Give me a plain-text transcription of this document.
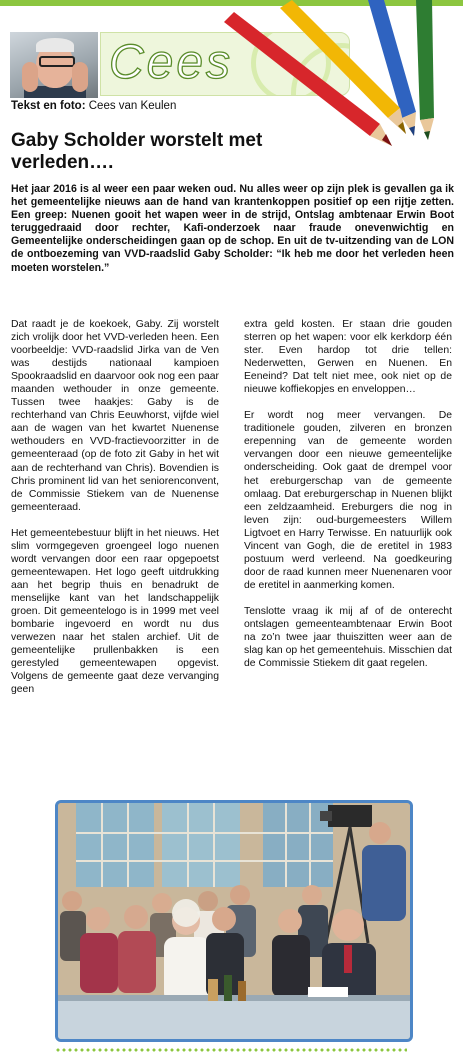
Cees
Tekst en foto: Cees van Keulen
Gaby Scholder worstelt met verleden….
Het jaar 2016 is al weer een paar weken oud. Nu alles weer op zijn plek is gevallen ga ik het gemeentelijke nieuws aan de hand van krantenkoppen positief op een rijtje zetten. Een greep: Nuenen gooit het wapen weer in de strijd, Ontslag ambtenaar Erwin Boot teruggedraaid door rechter, Kafi-onderzoek naar fraude onevenwichtig en Gemeentelijke onderscheidingen gaan op de schop. En uit de tv-uitzending van de LON de ontboezeming van VVD-raadslid Gaby Scholder: “Ik heb me door het verleden heen moeten worstelen.”

Dat raadt je de koekoek, Gaby. Zij worstelt zich vrolijk door het VVD-verleden heen. Een voorbeeldje: VVD-raadslid Jirka van de Ven was destijds nationaal kampioen Spookraadslid en daarvoor ook nog een paar maanden wethouder in onze gemeente. Tussen twee haakjes: Gaby is de rechterhand van Chris Eeuwhorst, vijfde wiel aan de wagen van het kwartet Nuenense wethouders en VVD-fractievoorzitter in de gemeenteraad (op de foto zit Gaby in het wit aan de rechterhand van Chris). Bovendien is Chris prominent lid van het seniorenconvent, de Commissie Stiekem van de Nuenense gemeenteraad.

Het gemeentebestuur blijft in het nieuws. Het slim vormgegeven groengeel logo nuenen wordt vervangen door een raar opgepoetst gemeentewapen. Het logo geeft uitdrukking aan het begrip thuis en benadrukt de menselijke kant van het landschappelijk groen. Dit gemeentelogo is in 1999 met veel bombarie ingevoerd en wordt nu dus verwezen naar het stalen archief. Uit de gemeentelijke prullenbakken is een gerestyled gemeentewapen opgevist. Volgens de gemeente gaat deze vervanging geen

extra geld kosten. Er staan drie gouden sterren op het wapen: voor elk kerkdorp één ster. Even hardop tot drie tellen: Nederwetten, Gerwen en Nuenen. En Eeneind? Dat telt niet mee, ook niet op de nieuwe koffiekopjes en enveloppen…

Er wordt nog meer vervangen. De traditionele gouden, zilveren en bronzen erepenning van de gemeente worden vervangen door een nieuwe gemeentelijke onderscheiding. Ook gaat de drempel voor het ereburgerschap van de gemeente omlaag. Dat ereburgerschap in Nuenen blijkt een zeldzaamheid. Ereburgers die nog in leven zijn: oud-burgemeesters Willem Ligtvoet en Harry Terwisse. En natuurlijk ook Vincent van Gogh, die de eretitel in 1983 postuum werd verleend. Na goedkeuring door de raad kunnen meer Nuenenaren voor de eretitel in aanmerking komen.

Tenslotte vraag ik mij af of de onterecht ontslagen gemeenteambtenaar Erwin Boot na zo’n twee jaar thuiszitten weer aan de slag kan op het gemeentehuis. Misschien dat de Commissie Stiekem dit gaat regelen.
